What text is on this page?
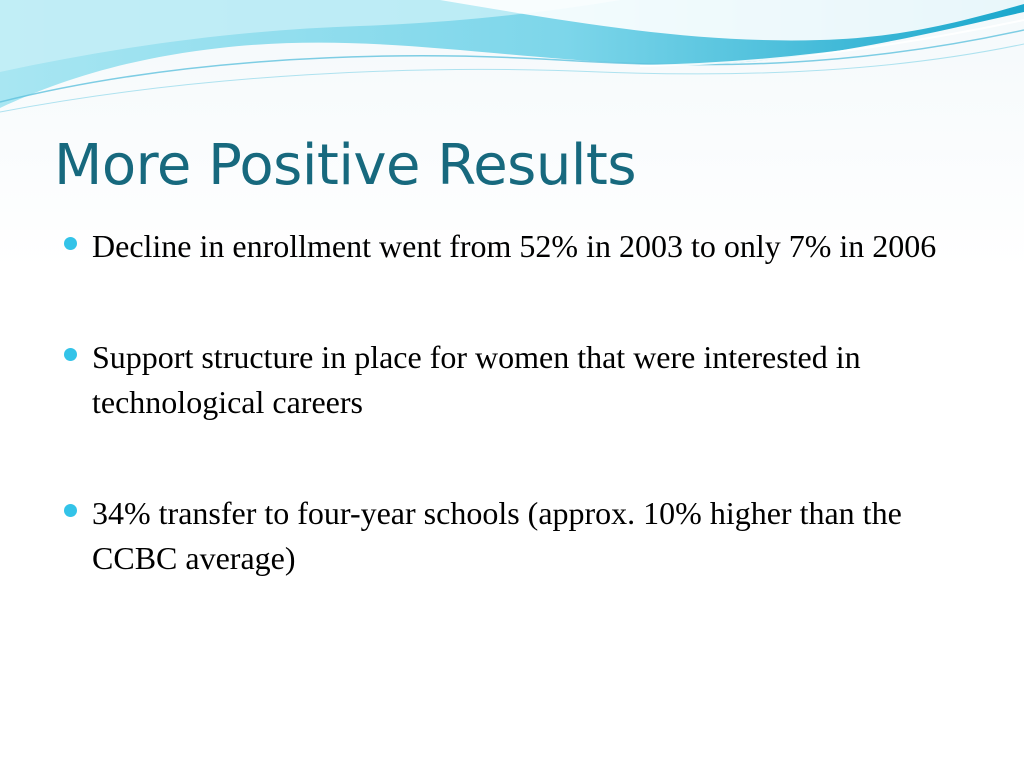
More Positive Results
Decline in enrollment went from 52% in 2003 to only 7% in 2006
Support structure in place for women that were interested in technological careers
34% transfer to four-year schools (approx. 10% higher than the CCBC average)
